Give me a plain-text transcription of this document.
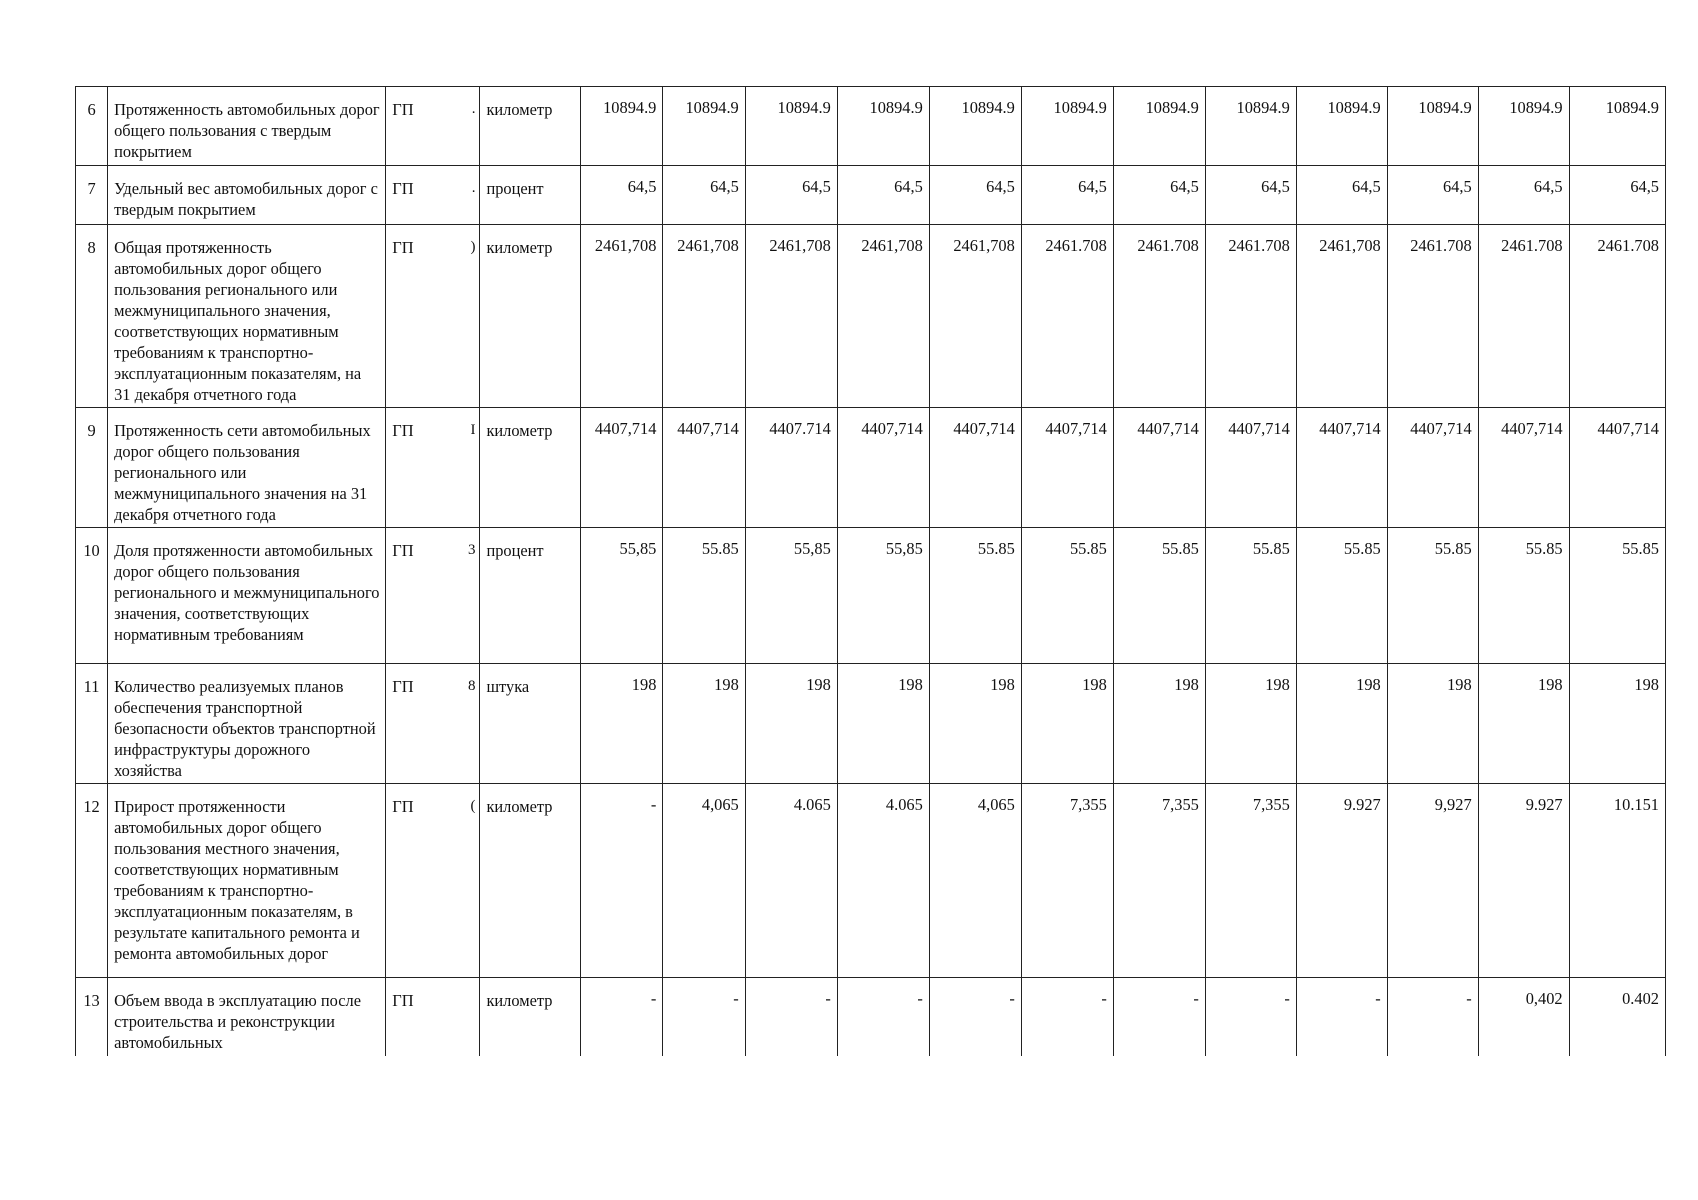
6	Протяженность автомобильных дорог общего пользования с твердым покрытием	ГП .	километр	10894.9	10894.9	10894.9	10894.9	10894.9	10894.9	10894.9	10894.9	10894.9	10894.9	10894.9	10894.9
7	Удельный вес автомобильных дорог с твердым покрытием	ГП .	процент	64,5	64,5	64,5	64,5	64,5	64,5	64,5	64,5	64,5	64,5	64,5	64,5
8	Общая протяженность автомобильных дорог общего пользования регионального или межмуниципального значения, соответствующих нормативным требованиям к транспортно-эксплуатационным показателям, на 31 декабря отчетного года	ГП )	километр	2461,708	2461,708	2461,708	2461,708	2461,708	2461.708	2461.708	2461.708	2461,708	2461.708	2461.708	2461.708
9	Протяженность сети автомобильных дорог общего пользования регионального или межмуниципального значения на 31 декабря отчетного года	ГП I	километр	4407,714	4407,714	4407.714	4407,714	4407,714	4407,714	4407,714	4407,714	4407,714	4407,714	4407,714	4407,714
10	Доля протяженности автомобильных дорог общего пользования регионального и межмуниципального значения, соответствующих нормативным требованиям	ГП 3	процент	55,85	55.85	55,85	55,85	55.85	55.85	55.85	55.85	55.85	55.85	55.85	55.85
11	Количество реализуемых планов обеспечения транспортной безопасности объектов транспортной инфраструктуры дорожного хозяйства	ГП 8	штука	198	198	198	198	198	198	198	198	198	198	198	198
12	Прирост протяженности автомобильных дорог общего пользования местного значения, соответствующих нормативным требованиям к транспортно-эксплуатационным показателям, в результате капитального ремонта и ремонта автомобильных дорог	ГП (	километр	-	4,065	4.065	4.065	4,065	7,355	7,355	7,355	9.927	9,927	9.927	10.151
13	Объем ввода в эксплуатацию после строительства и реконструкции автомобильных	ГП	километр	-	-	-	-	-	-	-	-	-	-	0,402	0.402
